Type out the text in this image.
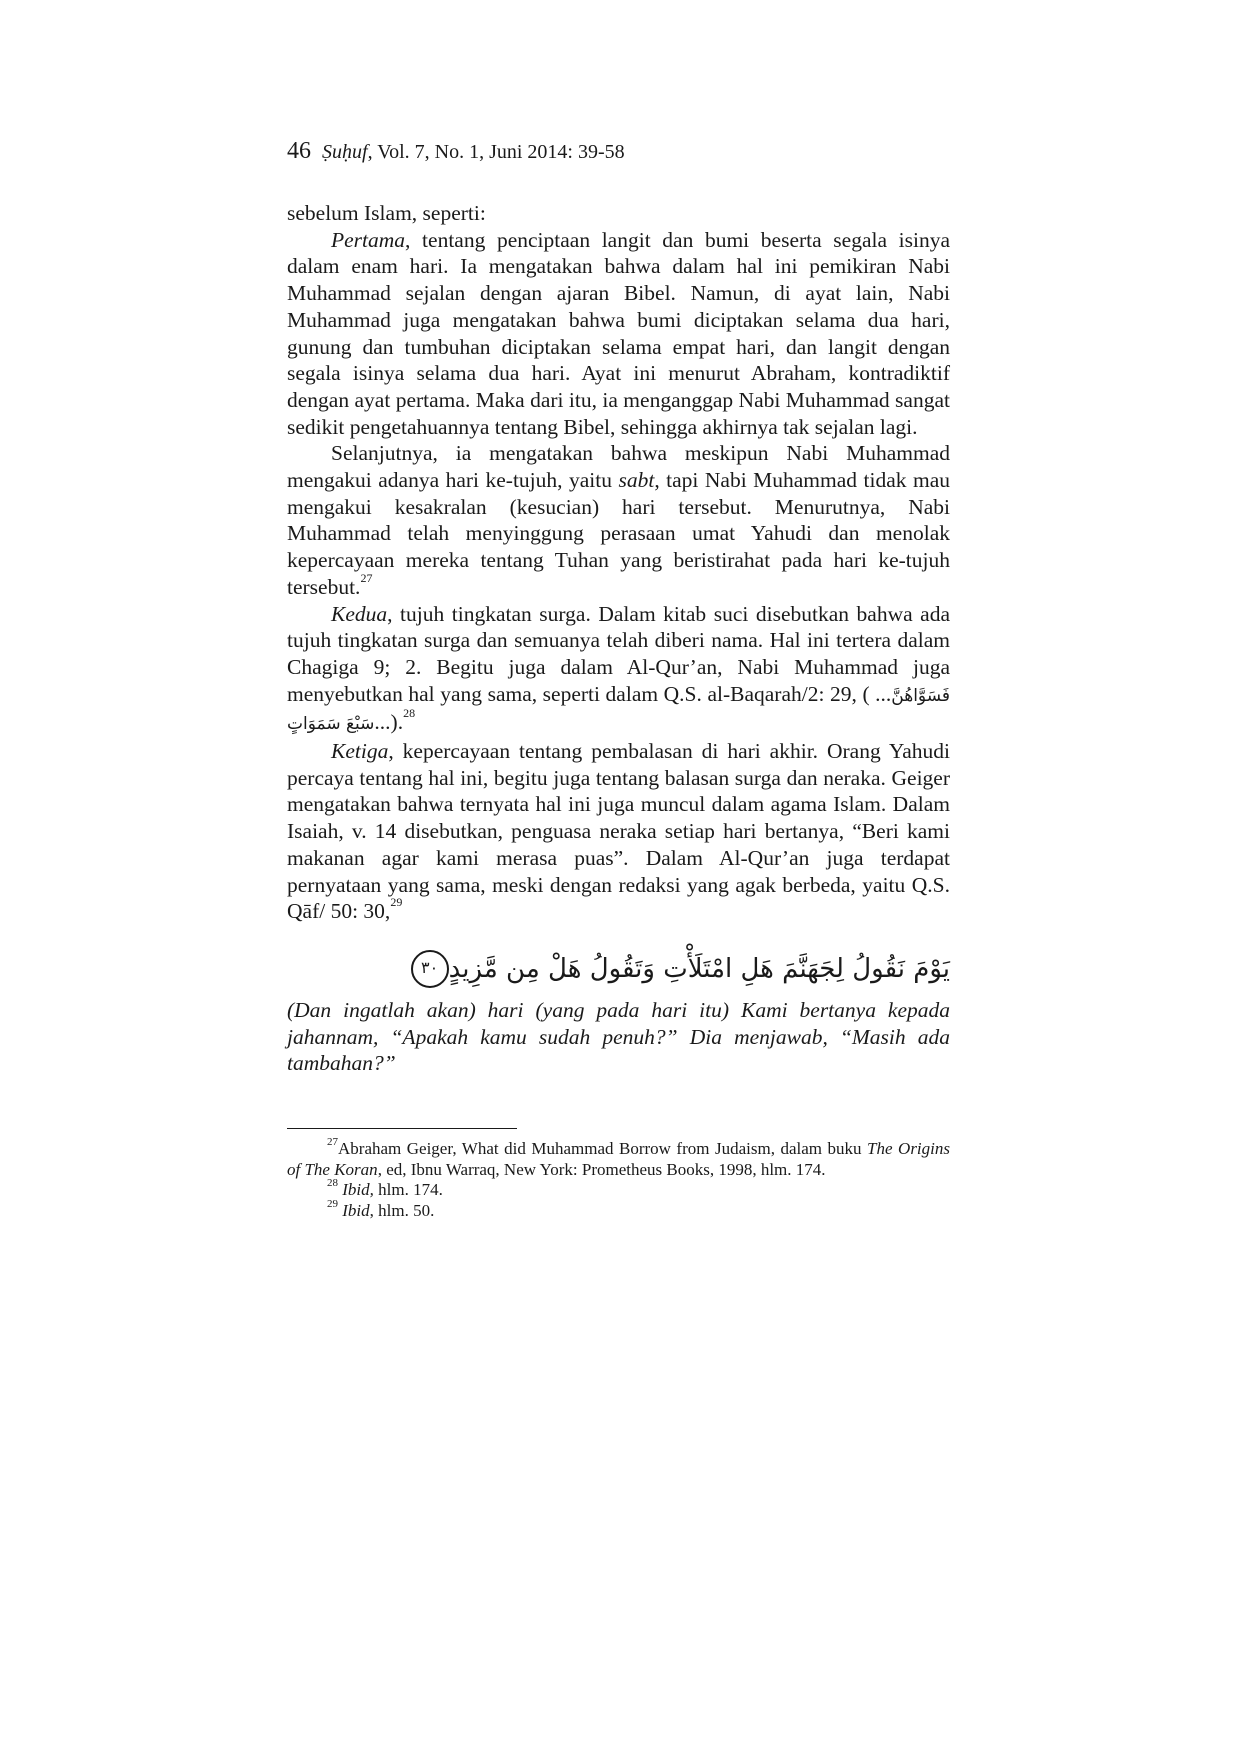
46 Ṣuḥuf, Vol. 7, No. 1, Juni 2014: 39-58

sebelum Islam, seperti:

Pertama, tentang penciptaan langit dan bumi beserta segala isinya dalam enam hari. Ia mengatakan bahwa dalam hal ini pemikiran Nabi Muhammad sejalan dengan ajaran Bibel. Namun, di ayat lain, Nabi Muhammad juga mengatakan bahwa bumi diciptakan selama dua hari, gunung dan tumbuhan diciptakan selama empat hari, dan langit dengan segala isinya selama dua hari. Ayat ini menurut Abraham, kontradiktif dengan ayat pertama. Maka dari itu, ia menganggap Nabi Muhammad sangat sedikit pengetahuannya tentang Bibel, sehingga akhirnya tak sejalan lagi.

Selanjutnya, ia mengatakan bahwa meskipun Nabi Muhammad mengakui adanya hari ke-tujuh, yaitu sabt, tapi Nabi Muhammad tidak mau mengakui kesakralan (kesucian) hari tersebut. Menurutnya, Nabi Muhammad telah menyinggung perasaan umat Yahudi dan menolak kepercayaan mereka tentang Tuhan yang beristirahat pada hari ke-tujuh tersebut.$^{27}$

Kedua, tujuh tingkatan surga. Dalam kitab suci disebutkan bahwa ada tujuh tingkatan surga dan semuanya telah diberi nama. Hal ini tertera dalam Chagiga 9; 2. Begitu juga dalam Al-Qur’an, Nabi Muhammad juga menyebutkan hal yang sama, seperti dalam Q.S. al-Baqarah/2: 29, ( ...فَسَوَّاهُنَّ سَبْعَ سَمَوَاتٍ...).$^{28}$

Ketiga, kepercayaan tentang pembalasan di hari akhir. Orang Yahudi percaya tentang hal ini, begitu juga tentang balasan surga dan neraka. Geiger mengatakan bahwa ternyata hal ini juga muncul dalam agama Islam. Dalam Isaiah, v. 14 disebutkan, penguasa neraka setiap hari bertanya, “Beri kami makanan agar kami merasa puas”. Dalam Al-Qur’an juga terdapat pernyataan yang sama, meski dengan redaksi yang agak berbeda, yaitu Q.S. Qāf/ 50: 30,29

يَوْمَ نَقُولُ لِجَهَنَّمَ هَلِ امْتَلَأْتِ وَتَقُولُ هَلْ مِن مَّزِيدٍ٣٠

(Dan ingatlah akan) hari (yang pada hari itu) Kami bertanya kepada jahannam, “Apakah kamu sudah penuh?” Dia menjawab, “Masih ada tambahan?”

$^{27}$Abraham Geiger, What did Muhammad Borrow from Judaism, dalam buku The Origins of The Koran, ed, Ibnu Warraq, New York: Prometheus Books, 1998, hlm. 174.

$^{28}$ Ibid, hlm. 174.

$^{29}$ Ibid, hlm. 50.
